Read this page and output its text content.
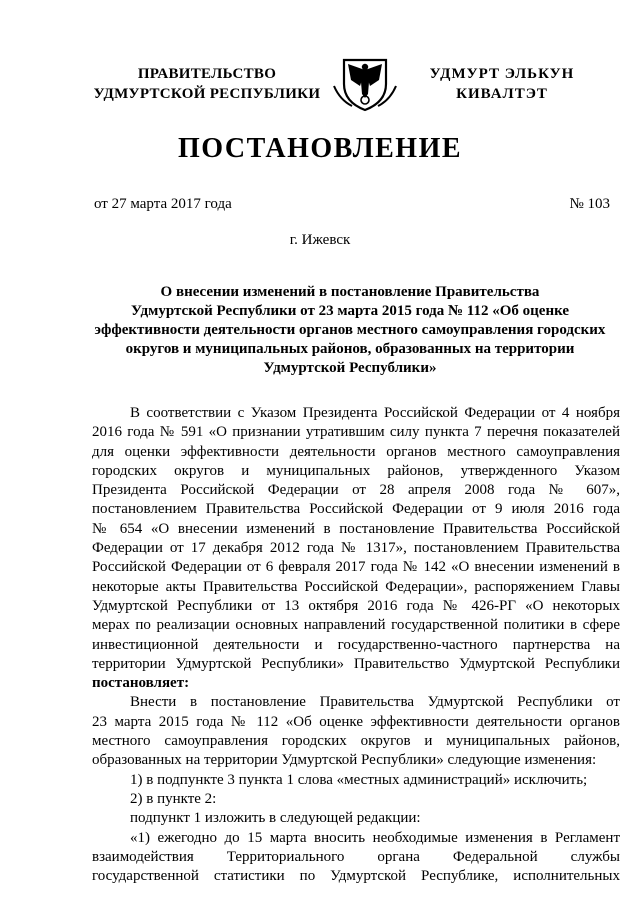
ПРАВИТЕЛЬСТВО
УДМУРТСКОЙ РЕСПУБЛИКИ
УДМУРТ ЭЛЬКУН
КИВАЛТЭТ
ПОСТАНОВЛЕНИЕ
от 27 марта 2017 года	№ 103
г. Ижевск
О внесении изменений в постановление Правительства
Удмуртской Республики от 23 марта 2015 года № 112 «Об оценке
эффективности деятельности органов местного самоуправления городских
округов и муниципальных районов, образованных на территории
Удмуртской Республики»
В соответствии с Указом Президента Российской Федерации от 4 ноября
2016 года № 591 «О признании утратившим силу пункта 7 перечня показателей
для оценки эффективности деятельности органов местного самоуправления
городских округов и муниципальных районов, утвержденного Указом
Президента Российской Федерации от 28 апреля 2008 года № 607»,
постановлением Правительства Российской Федерации от 9 июля 2016 года
№ 654 «О внесении изменений в постановление Правительства Российской
Федерации от 17 декабря 2012 года № 1317», постановлением Правительства
Российской Федерации от 6 февраля 2017 года № 142 «О внесении изменений в
некоторые акты Правительства Российской Федерации», распоряжением Главы
Удмуртской Республики от 13 октября 2016 года № 426-РГ «О некоторых
мерах по реализации основных направлений государственной политики в сфере
инвестиционной деятельности и государственно-частного партнерства на
территории Удмуртской Республики» Правительство Удмуртской Республики
постановляет:
Внести в постановление Правительства Удмуртской Республики от
23 марта 2015 года № 112 «Об оценке эффективности деятельности органов
местного самоуправления городских округов и муниципальных районов,
образованных на территории Удмуртской Республики» следующие изменения:
1) в подпункте 3 пункта 1 слова «местных администраций» исключить;
2) в пункте 2:
подпункт 1 изложить в следующей редакции:
«1) ежегодно до 15 марта вносить необходимые изменения в Регламент
взаимодействия Территориального органа Федеральной службы
государственной статистики по Удмуртской Республике, исполнительных
